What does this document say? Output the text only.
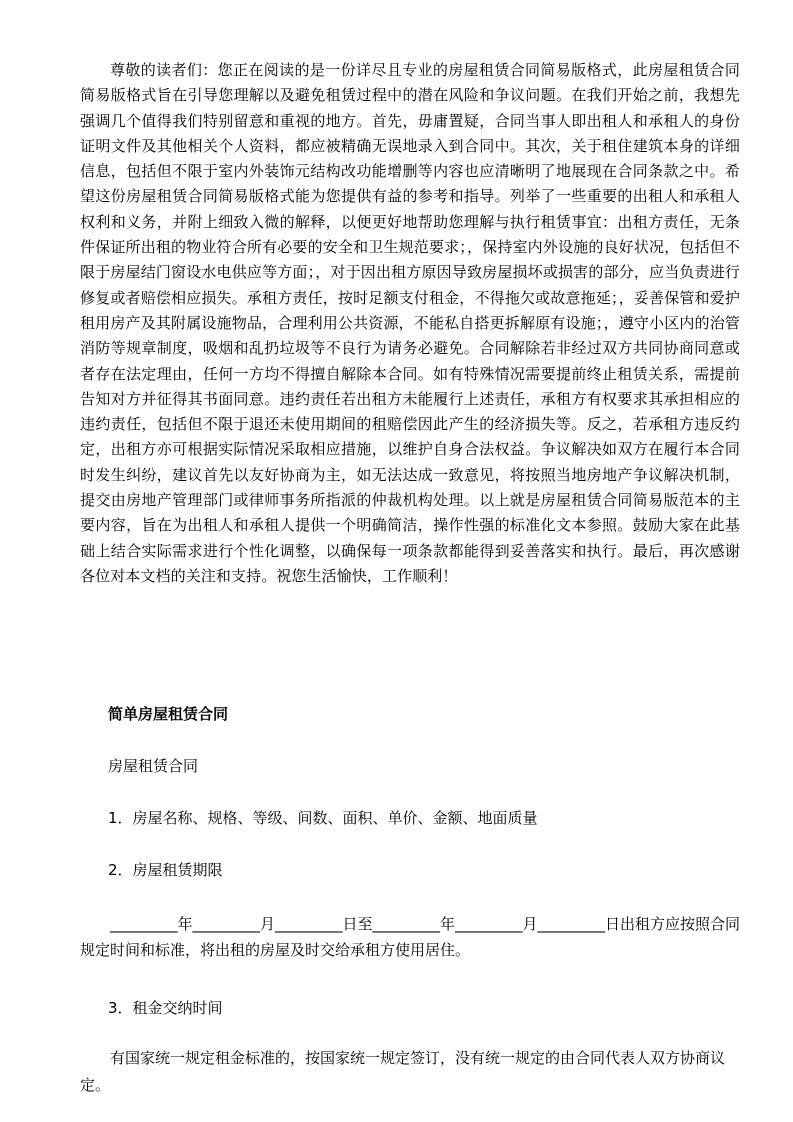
尊敬的读者们：您正在阅读的是一份详尽且专业的房屋租赁合同简易版格式，此房屋租赁合同简易版格式旨在引导您理解以及避免租赁过程中的潜在风险和争议问题。在我们开始之前，我想先强调几个值得我们特别留意和重视的地方。首先，毋庸置疑，合同当事人即出租人和承租人的身份证明文件及其他相关个人资料，都应被精确无误地录入到合同中。其次，关于租住建筑本身的详细信息，包括但不限于室内外装饰元结构改功能增删等内容也应清晰明了地展现在合同条款之中。希望这份房屋租赁合同简易版格式能为您提供有益的参考和指导。列举了一些重要的出租人和承租人权利和义务，并附上细致入微的解释，以便更好地帮助您理解与执行租赁事宜：出租方责任，无条件保证所出租的物业符合所有必要的安全和卫生规范要求；，保持室内外设施的良好状况，包括但不限于房屋结门窗设水电供应等方面；，对于因出租方原因导致房屋损坏或损害的部分，应当负责进行修复或者赔偿相应损失。承租方责任，按时足额支付租金，不得拖欠或故意拖延；，妥善保管和爱护租用房产及其附属设施物品，合理利用公共资源，不能私自搭更拆解原有设施；，遵守小区内的治管消防等规章制度，吸烟和乱扔垃圾等不良行为请务必避免。合同解除若非经过双方共同协商同意或者存在法定理由，任何一方均不得擅自解除本合同。如有特殊情况需要提前终止租赁关系，需提前告知对方并征得其书面同意。违约责任若出租方未能履行上述责任，承租方有权要求其承担相应的违约责任，包括但不限于退还未使用期间的租赔偿因此产生的经济损失等。反之，若承租方违反约定，出租方亦可根据实际情况采取相应措施，以维护自身合法权益。争议解决如双方在履行本合同时发生纠纷，建议首先以友好协商为主，如无法达成一致意见，将按照当地房地产争议解决机制，提交由房地产管理部门或律师事务所指派的仲裁机构处理。以上就是房屋租赁合同简易版范本的主要内容，旨在为出租人和承租人提供一个明确简洁，操作性强的标准化文本参照。鼓励大家在此基础上结合实际需求进行个性化调整，以确保每一项条款都能得到妥善落实和执行。最后，再次感谢各位对本文档的关注和支持。祝您生活愉快，工作顺利！

简单房屋租赁合同

房屋租赁合同

1．房屋名称、规格、等级、间数、面积、单价、金额、地面质量

2．房屋租赁期限

_________年_________月_________日至_________年_________月_________日出租方应按照合同规定时间和标准，将出租的房屋及时交给承租方使用居住。

3．租金交纳时间

有国家统一规定租金标准的，按国家统一规定签订，没有统一规定的由合同代表人双方协商议定。
